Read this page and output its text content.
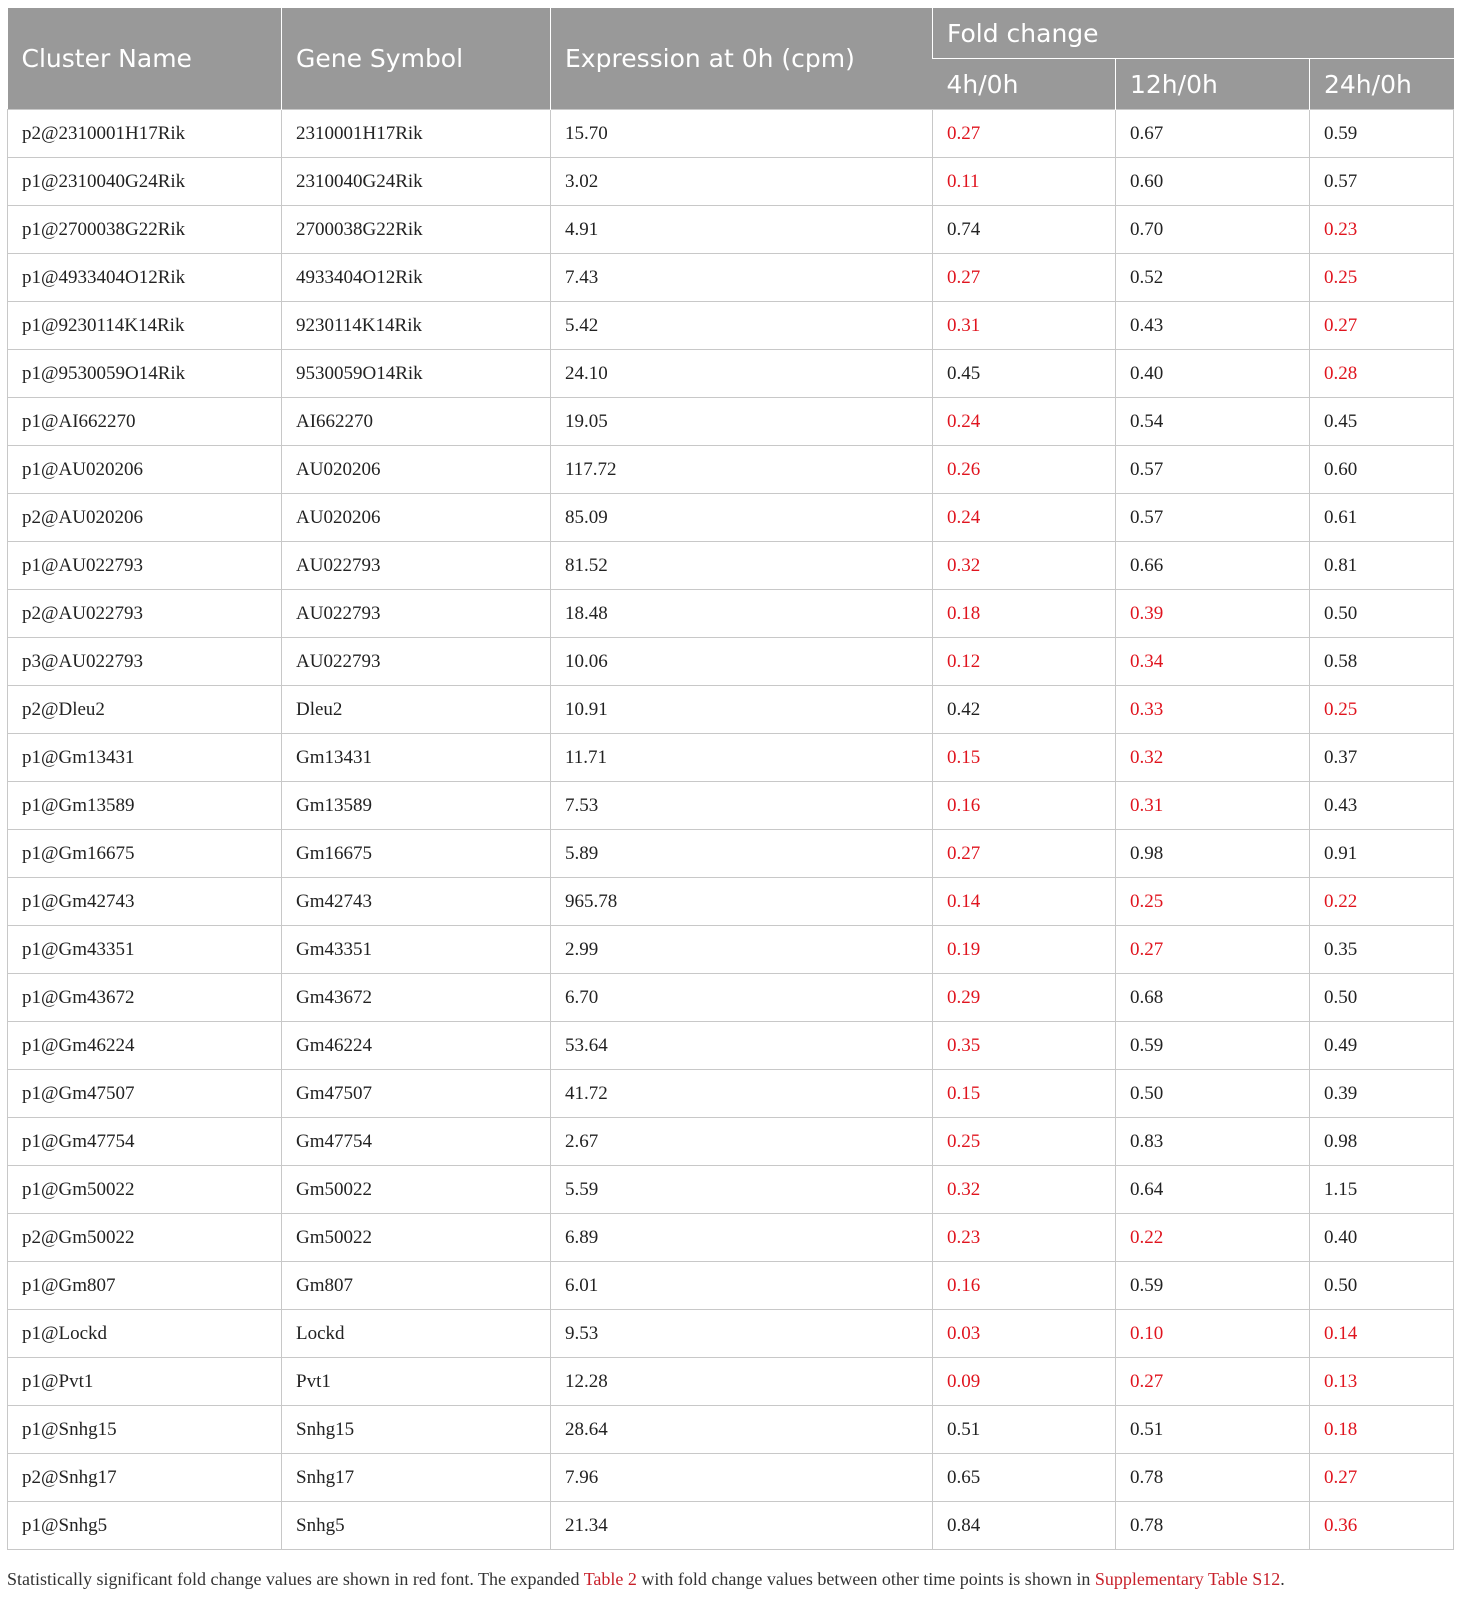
Cluster Name	Gene Symbol	Expression at 0h (cpm)	Fold change		
			4h/0h	12h/0h	24h/0h
p2@2310001H17Rik	2310001H17Rik	15.70	0.27	0.67	0.59
p1@2310040G24Rik	2310040G24Rik	3.02	0.11	0.60	0.57
p1@2700038G22Rik	2700038G22Rik	4.91	0.74	0.70	0.23
p1@4933404O12Rik	4933404O12Rik	7.43	0.27	0.52	0.25
p1@9230114K14Rik	9230114K14Rik	5.42	0.31	0.43	0.27
p1@9530059O14Rik	9530059O14Rik	24.10	0.45	0.40	0.28
p1@AI662270	AI662270	19.05	0.24	0.54	0.45
p1@AU020206	AU020206	117.72	0.26	0.57	0.60
p2@AU020206	AU020206	85.09	0.24	0.57	0.61
p1@AU022793	AU022793	81.52	0.32	0.66	0.81
p2@AU022793	AU022793	18.48	0.18	0.39	0.50
p3@AU022793	AU022793	10.06	0.12	0.34	0.58
p2@Dleu2	Dleu2	10.91	0.42	0.33	0.25
p1@Gm13431	Gm13431	11.71	0.15	0.32	0.37
p1@Gm13589	Gm13589	7.53	0.16	0.31	0.43
p1@Gm16675	Gm16675	5.89	0.27	0.98	0.91
p1@Gm42743	Gm42743	965.78	0.14	0.25	0.22
p1@Gm43351	Gm43351	2.99	0.19	0.27	0.35
p1@Gm43672	Gm43672	6.70	0.29	0.68	0.50
p1@Gm46224	Gm46224	53.64	0.35	0.59	0.49
p1@Gm47507	Gm47507	41.72	0.15	0.50	0.39
p1@Gm47754	Gm47754	2.67	0.25	0.83	0.98
p1@Gm50022	Gm50022	5.59	0.32	0.64	1.15
p2@Gm50022	Gm50022	6.89	0.23	0.22	0.40
p1@Gm807	Gm807	6.01	0.16	0.59	0.50
p1@Lockd	Lockd	9.53	0.03	0.10	0.14
p1@Pvt1	Pvt1	12.28	0.09	0.27	0.13
p1@Snhg15	Snhg15	28.64	0.51	0.51	0.18
p2@Snhg17	Snhg17	7.96	0.65	0.78	0.27
p1@Snhg5	Snhg5	21.34	0.84	0.78	0.36
Statistically significant fold change values are shown in red font. The expanded Table 2 with fold change values between other time points is shown in Supplementary Table S12.
